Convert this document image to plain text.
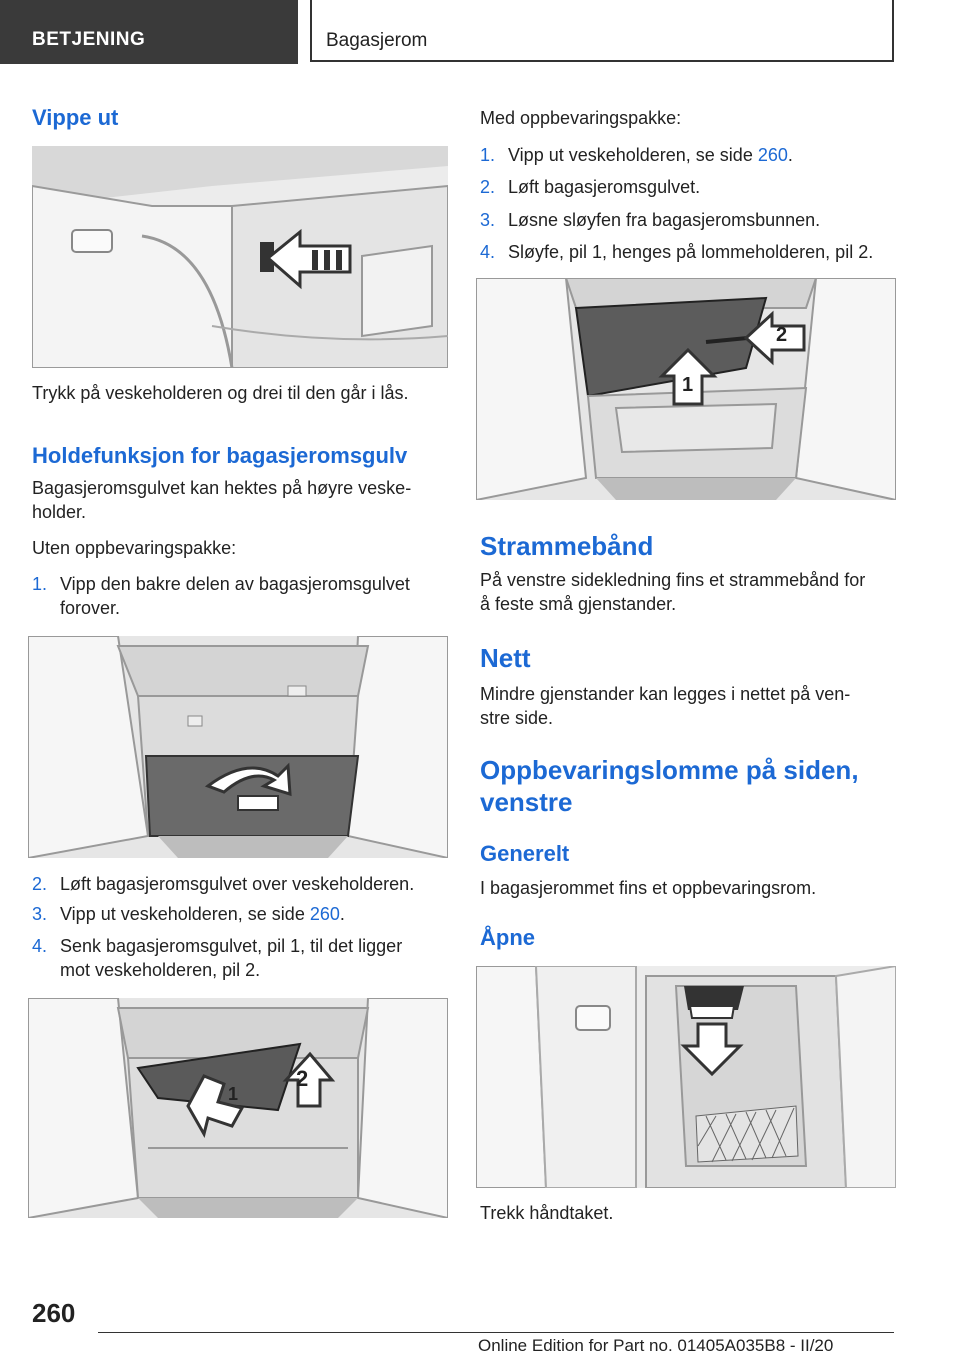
BETJENING	Bagasjerom
Vippe ut

Trykk på veskeholderen og drei til den går i lås.

Holdefunksjon for bagasjeromsgulv

Bagasjeromsgulvet kan hektes på høyre veske-

holder.

Uten oppbevaringspakke:

1. Vipp den bakre delen av bagasjeromsgulvet
forover.
2. Løft bagasjeromsgulvet over veskeholderen.
3. Vipp ut veskeholderen, se side 260.
4. Senk bagasjeromsgulvet, pil 1, til det ligger
mot veskeholderen, pil 2.
1
2

Med oppbevaringspakke:

1. Vipp ut veskeholderen, se side 260.
2. Løft bagasjeromsgulvet.
3. Løsne sløyfen fra bagasjeromsbunnen.
4. Sløyfe, pil 1, henges på lommeholderen, pil 2.
1
2
Strammebånd

På venstre sidekledning fins et strammebånd for

å feste små gjenstander.

Nett

Mindre gjenstander kan legges i nettet på ven-

stre side.

Oppbevaringslomme på siden,
venstre
Generelt

I bagasjerommet fins et oppbevaringsrom.

Åpne

Trekk håndtaket.

260
Online Edition for Part no. 01405A035B8 - II/20
